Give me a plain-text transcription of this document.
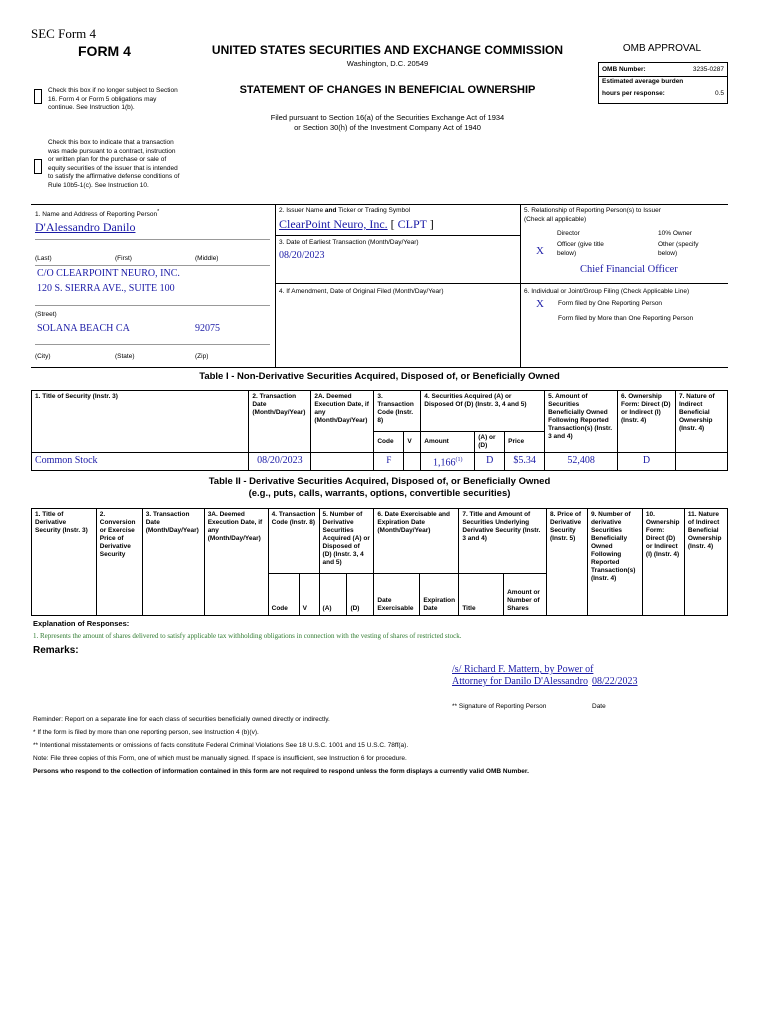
SEC Form 4
FORM 4	UNITED STATES SECURITIES AND EXCHANGE COMMISSION
Washington, D.C. 20549
STATEMENT OF CHANGES IN BENEFICIAL OWNERSHIP
Filed pursuant to Section 16(a) of the Securities Exchange Act of 1934
or Section 30(h) of the Investment Company Act of 1940
Check this box if no longer subject to Section 16. Form 4 or Form 5 obligations may continue. See Instruction 1(b).
Check this box to indicate that a transaction was made pursuant to a contract, instruction or written plan for the purchase or sale of equity securities of the issuer that is intended to satisfy the affirmative defense conditions of Rule 10b5-1(c). See Instruction 10.
OMB APPROVAL
OMB Number:	3235-0287
Estimated average burden
hours per response:	0.5
1. Name and Address of Reporting Person*
D'Alessandro Danilo
(Last)	(First)	(Middle)
C/O CLEARPOINT NEURO, INC.
120 S. SIERRA AVE., SUITE 100
(Street)
SOLANA BEACH CA	92075
(City)	(State)	(Zip)
2. Issuer Name and Ticker or Trading Symbol
ClearPoint Neuro, Inc. [ CLPT ]
3. Date of Earliest Transaction (Month/Day/Year)
08/20/2023
4. If Amendment, Date of Original Filed (Month/Day/Year)
5. Relationship of Reporting Person(s) to Issuer
(Check all applicable)
Director	10% Owner
X
Officer (give title below)
Other (specify below)
Chief Financial Officer
6. Individual or Joint/Group Filing (Check Applicable Line)
X Form filed by One Reporting Person
Form filed by More than One Reporting Person
Table I - Non-Derivative Securities Acquired, Disposed of, or Beneficially Owned
1. Title of Security (Instr. 3)	2. Transaction Date (Month/Day/Year)	2A. Deemed Execution Date, if any (Month/Day/Year)	3. Transaction Code (Instr. 8)		4. Securities Acquired (A) or Disposed Of (D) (Instr. 3, 4 and 5)			5. Amount of Securities Beneficially Owned Following Reported Transaction(s) (Instr. 3 and 4)	6. Ownership Form: Direct (D) or Indirect (I) (Instr. 4)	7. Nature of Indirect Beneficial Ownership (Instr. 4)
			Code	V	Amount	(A) or (D)	Price			
Common Stock	08/20/2023		F		1,166$^{(1)}$	D	$5.34	52,408	D	
Table II - Derivative Securities Acquired, Disposed of, or Beneficially Owned
(e.g., puts, calls, warrants, options, convertible securities)
1. Title of Derivative Security (Instr. 3)	2. Conversion or Exercise Price of Derivative Security	3. Transaction Date (Month/Day/Year)	3A. Deemed Execution Date, if any (Month/Day/Year)	4. Transaction Code (Instr. 8)		5. Number of Derivative Securities Acquired (A) or Disposed of (D) (Instr. 3, 4 and 5)		6. Date Exercisable and Expiration Date (Month/Day/Year)		7. Title and Amount of Securities Underlying Derivative Security (Instr. 3 and 4)		8. Price of Derivative Security (Instr. 5)	9. Number of derivative Securities Beneficially Owned Following Reported Transaction(s) (Instr. 4)	10. Ownership Form: Direct (D) or Indirect (I) (Instr. 4)	11. Nature of Indirect Beneficial Ownership (Instr. 4)
				Code	V	(A)	(D)	Date Exercisable	Expiration Date	Title	Amount or Number of Shares				
Explanation of Responses:
1. Represents the amount of shares delivered to satisfy applicable tax withholding obligations in connection with the vesting of shares of restricted stock.
Remarks:
/s/ Richard F. Mattern, by Power of Attorney for Danilo D'Alessandro 08/22/2023
** Signature of Reporting Person	Date
Reminder: Report on a separate line for each class of securities beneficially owned directly or indirectly.
* If the form is filed by more than one reporting person, see Instruction 4 (b)(v).
** Intentional misstatements or omissions of facts constitute Federal Criminal Violations See 18 U.S.C. 1001 and 15 U.S.C. 78ff(a).
Note: File three copies of this Form, one of which must be manually signed. If space is insufficient, see Instruction 6 for procedure.
Persons who respond to the collection of information contained in this form are not required to respond unless the form displays a currently valid OMB Number.
